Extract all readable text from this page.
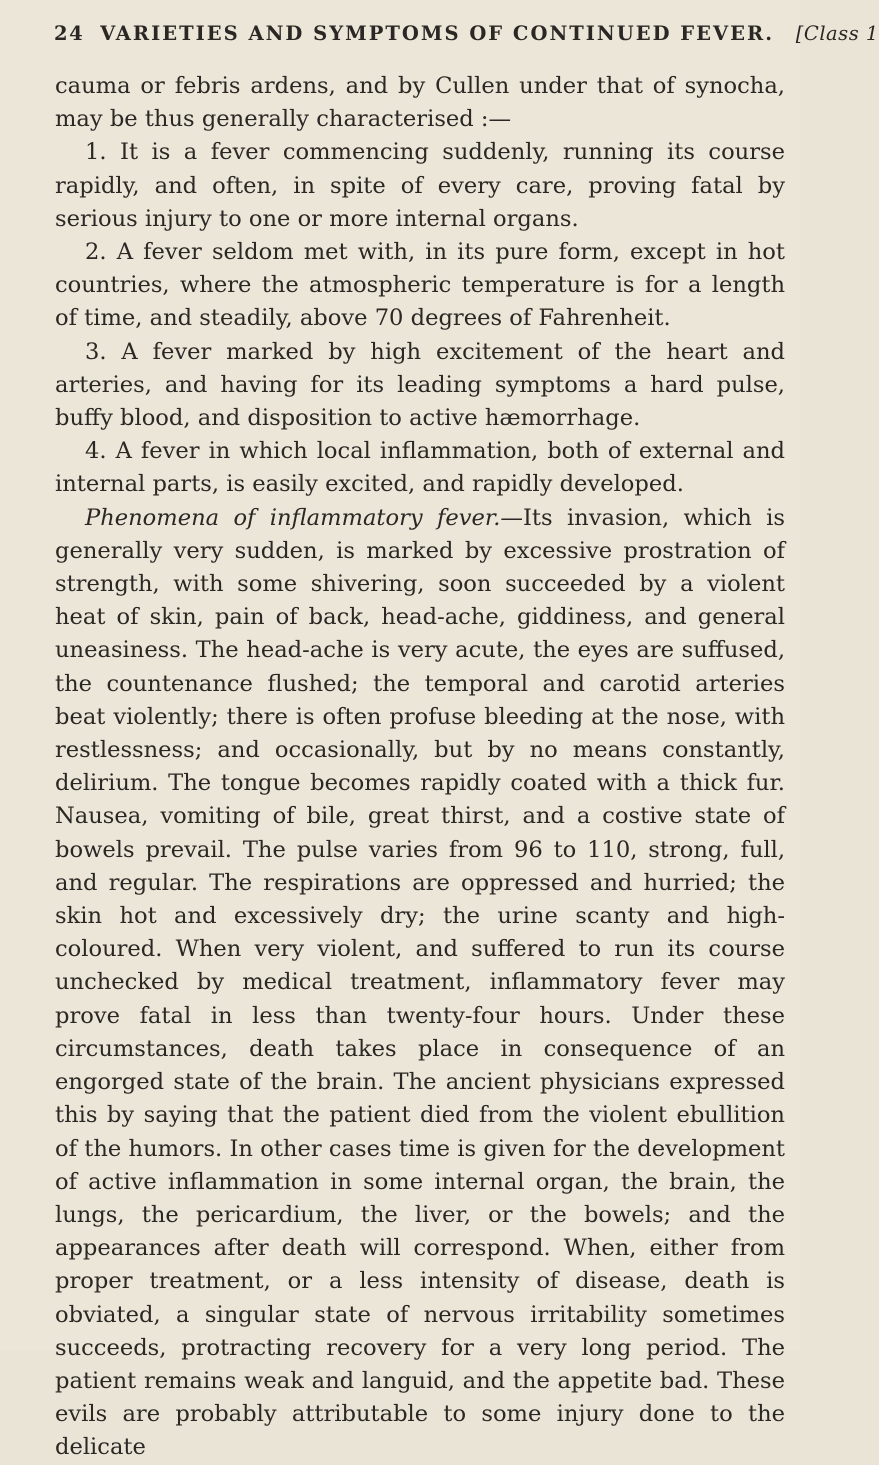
24 VARIETIES AND SYMPTOMS OF CONTINUED FEVER. [Class 1

cauma or febris ardens, and by Cullen under that of synocha, may be thus generally characterised :—

1. It is a fever commencing suddenly, running its course rapidly, and often, in spite of every care, proving fatal by serious injury to one or more internal organs.

2. A fever seldom met with, in its pure form, except in hot countries, where the atmospheric temperature is for a length of time, and steadily, above 70 degrees of Fahrenheit.

3. A fever marked by high excitement of the heart and arteries, and having for its leading symptoms a hard pulse, buffy blood, and disposition to active hæmorrhage.

4. A fever in which local inflammation, both of external and internal parts, is easily excited, and rapidly developed.

Phenomena of inflammatory fever.—Its invasion, which is generally very sudden, is marked by excessive prostration of strength, with some shivering, soon succeeded by a violent heat of skin, pain of back, head-ache, giddiness, and general uneasiness. The head-ache is very acute, the eyes are suffused, the countenance flushed; the temporal and carotid arteries beat violently; there is often profuse bleeding at the nose, with restlessness; and occasionally, but by no means constantly, delirium. The tongue becomes rapidly coated with a thick fur. Nausea, vomiting of bile, great thirst, and a costive state of bowels prevail. The pulse varies from 96 to 110, strong, full, and regular. The respirations are oppressed and hurried; the skin hot and excessively dry; the urine scanty and high-coloured. When very violent, and suffered to run its course unchecked by medical treatment, inflammatory fever may prove fatal in less than twenty-four hours. Under these circumstances, death takes place in consequence of an engorged state of the brain. The ancient physicians expressed this by saying that the patient died from the violent ebullition of the humors. In other cases time is given for the development of active inflammation in some internal organ, the brain, the lungs, the pericardium, the liver, or the bowels; and the appearances after death will correspond. When, either from proper treatment, or a less intensity of disease, death is obviated, a singular state of nervous irritability sometimes succeeds, protracting recovery for a very long period. The patient remains weak and languid, and the appetite bad. These evils are probably attributable to some injury done to the delicate
